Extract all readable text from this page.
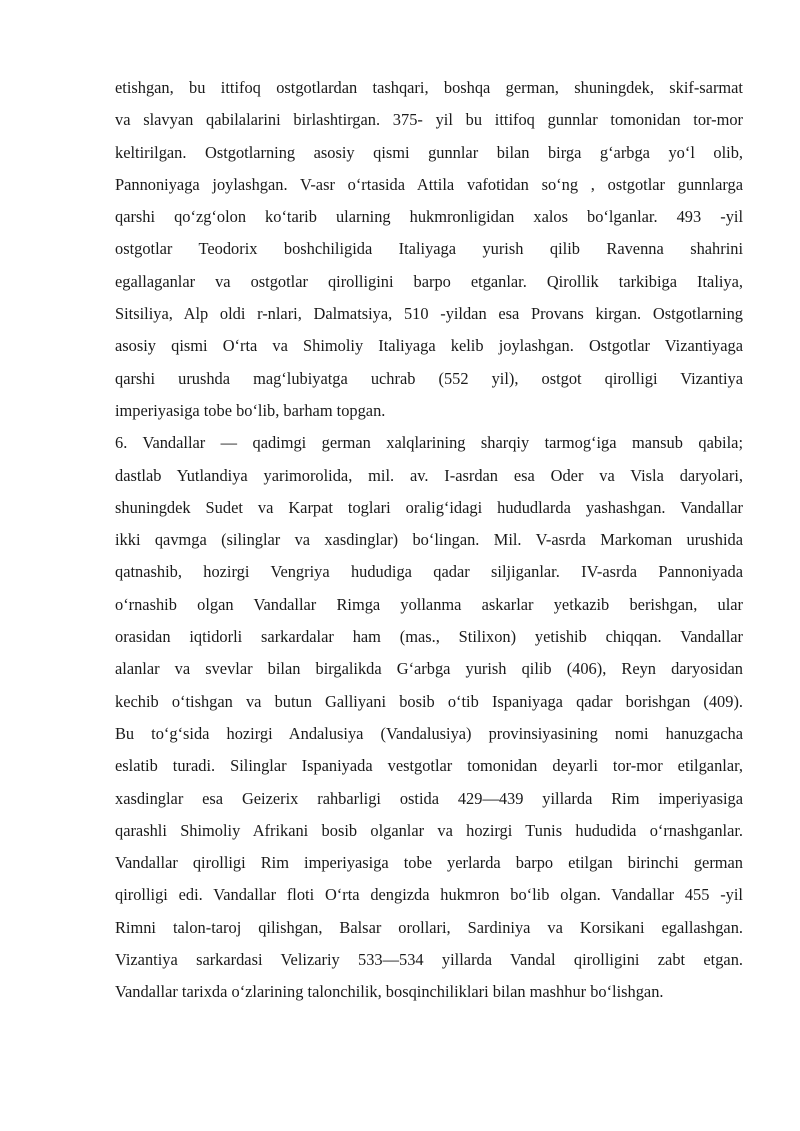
etishgan, bu ittifoq ostgotlardan tashqari, boshqa german, shuningdek, skif-sarmat
va slavyan qabilalarini birlashtirgan. 375- yil bu ittifoq gunnlar tomonidan tor-mor
keltirilgan. Ostgotlarning asosiy qismi gunnlar bilan birga g‘arbga yo‘l olib,
Pannoniyaga joylashgan. V-asr o‘rtasida Attila vafotidan so‘ng , ostgotlar gunnlarga
qarshi qo‘zg‘olon ko‘tarib ularning hukmronligidan xalos bo‘lganlar. 493 -yil
ostgotlar Teodorix boshchiligida Italiyaga yurish qilib Ravenna shahrini
egallaganlar va ostgotlar qirolligini barpo etganlar. Qirollik tarkibiga Italiya,
Sitsiliya, Alp oldi r-nlari, Dalmatsiya, 510 -yildan esa Provans kirgan. Ostgotlarning
asosiy qismi O‘rta va Shimoliy Italiyaga kelib joylashgan. Ostgotlar Vizantiyaga
qarshi urushda mag‘lubiyatga uchrab (552 yil), ostgot qirolligi Vizantiya
imperiyasiga tobe bo‘lib, barham topgan.
6. Vandallar — qadimgi german xalqlarining sharqiy tarmog‘iga mansub qabila;
dastlab Yutlandiya yarimorolida, mil. av. I-asrdan esa Oder va Visla daryolari,
shuningdek Sudet va Karpat toglari oralig‘idagi hududlarda yashashgan. Vandallar
ikki qavmga (silinglar va xasdinglar) bo‘lingan. Mil. V-asrda Markoman urushida
qatnashib, hozirgi Vengriya hududiga qadar siljiganlar. IV-asrda Pannoniyada
o‘rnashib olgan Vandallar Rimga yollanma askarlar yetkazib berishgan, ular
orasidan iqtidorli sarkardalar ham (mas., Stilixon) yetishib chiqqan. Vandallar
alanlar va svevlar bilan birgalikda G‘arbga yurish qilib (406), Reyn daryosidan
kechib o‘tishgan va butun Galliyani bosib o‘tib Ispaniyaga qadar borishgan (409).
Bu to‘g‘sida hozirgi Andalusiya (Vandalusiya) provinsiyasining nomi hanuzgacha
eslatib turadi. Silinglar Ispaniyada vestgotlar tomonidan deyarli tor-mor etilganlar,
xasdinglar esa Geizerix rahbarligi ostida 429—439 yillarda Rim imperiyasiga
qarashli Shimoliy Afrikani bosib olganlar va hozirgi Tunis hududida o‘rnashganlar.
Vandallar qirolligi Rim imperiyasiga tobe yerlarda barpo etilgan birinchi german
qirolligi edi. Vandallar floti O‘rta dengizda hukmron bo‘lib olgan. Vandallar 455 -yil
Rimni talon-taroj qilishgan, Balsar orollari, Sardiniya va Korsikani egallashgan.
Vizantiya sarkardasi Velizariy 533—534 yillarda Vandal qirolligini zabt etgan.
Vandallar tarixda o‘zlarining talonchilik, bosqinchiliklari bilan mashhur bo‘lishgan.
